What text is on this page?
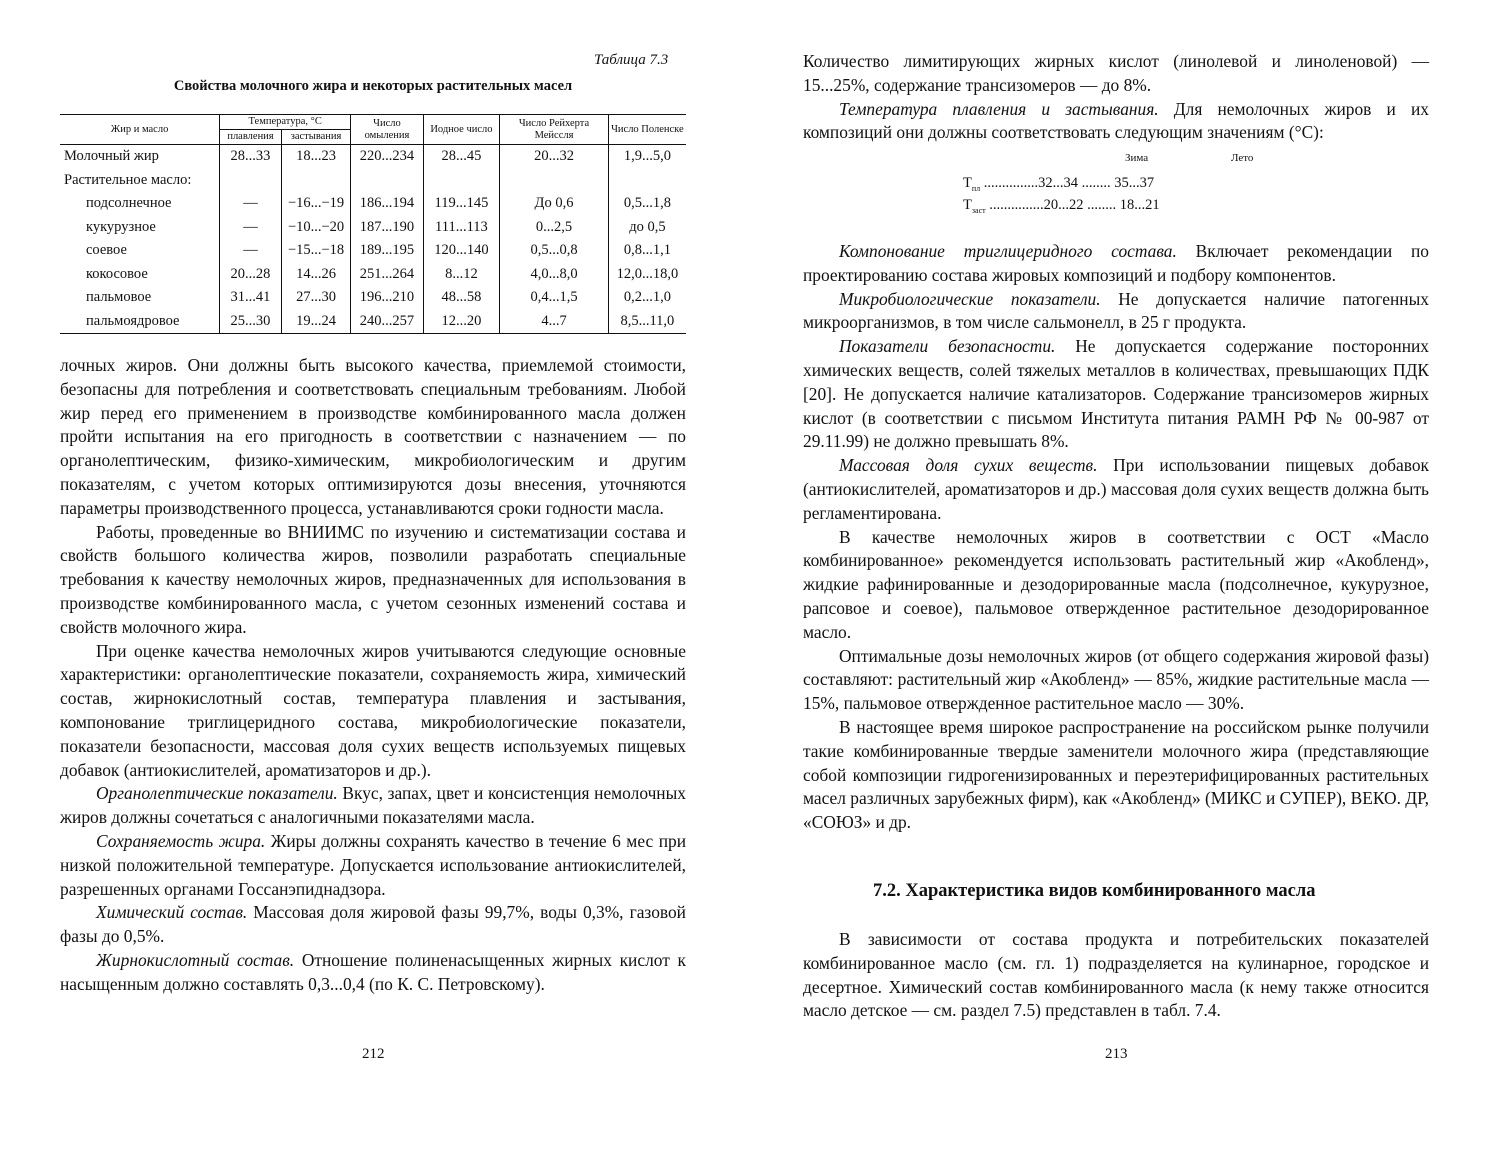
Таблица 7.3
Свойства молочного жира и некоторых растительных масел
Жир и масло	Температура, °С		Число омыления	Иодное число	Число Рейхерта Мейссля	Число Поленске
	плавления	застывания				
Молочный жир	28...33	18...23	220...234	28...45	20...32	1,9...5,0
Растительное масло:						
подсолнечное	—	−16...−19	186...194	119...145	До 0,6	0,5...1,8
кукурузное	—	−10...−20	187...190	111...113	0...2,5	до 0,5
соевое	—	−15...−18	189...195	120...140	0,5...0,8	0,8...1,1
кокосовое	20...28	14...26	251...264	8...12	4,0...8,0	12,0...18,0
пальмовое	31...41	27...30	196...210	48...58	0,4...1,5	0,2...1,0
пальмоядровое	25...30	19...24	240...257	12...20	4...7	8,5...11,0

лочных жиров. Они должны быть высокого качества, приемлемой стоимости, безопасны для потребления и соответствовать специальным требованиям. Любой жир перед его применением в производстве комбинированного масла должен пройти испытания на его пригодность в соответствии с назначением — по органолептическим, физико-химическим, микробиологическим и другим показателям, с учетом которых оптимизируются дозы внесения, уточняются параметры производственного процесса, устанавливаются сроки годности масла.

Работы, проведенные во ВНИИМС по изучению и систематизации состава и свойств большого количества жиров, позволили разработать специальные требования к качеству немолочных жиров, предназначенных для использования в производстве комбинированного масла, с учетом сезонных изменений состава и свойств молочного жира.

При оценке качества немолочных жиров учитываются следующие основные характеристики: органолептические показатели, сохраняемость жира, химический состав, жирнокислотный состав, температура плавления и застывания, компонование триглицеридного состава, микробиологические показатели, показатели безопасности, массовая доля сухих веществ используемых пищевых добавок (антиокислителей, ароматизаторов и др.).

Органолептические показатели. Вкус, запах, цвет и консистенция немолочных жиров должны сочетаться с аналогичными показателями масла.

Сохраняемость жира. Жиры должны сохранять качество в течение 6 мес при низкой положительной температуре. Допускается использование антиокислителей, разрешенных органами Госсанэпиднадзора.

Химический состав. Массовая доля жировой фазы 99,7%, воды 0,3%, газовой фазы до 0,5%.

Жирнокислотный состав. Отношение полиненасыщенных жирных кислот к насыщенным должно составлять 0,3...0,4 (по К. С. Петровскому).

212

Количество лимитирующих жирных кислот (линолевой и линоленовой) — 15...25%, содержание трансизомеров — до 8%.

Температура плавления и застывания. Для немолочных жиров и их композиций они должны соответствовать следующим значениям (°С):

Зима	Лето
$T_{пл}$ ...............32...34 ........ 35...37
$T_{заст}$ ...............20...22 ........ 18...21

Компонование триглицеридного состава. Включает рекомендации по проектированию состава жировых композиций и подбору компонентов.

Микробиологические показатели. Не допускается наличие патогенных микроорганизмов, в том числе сальмонелл, в 25 г продукта.

Показатели безопасности. Не допускается содержание посторонних химических веществ, солей тяжелых металлов в количествах, превышающих ПДК [20]. Не допускается наличие катализаторов. Содержание трансизомеров жирных кислот (в соответствии с письмом Института питания РАМН РФ № 00-987 от 29.11.99) не должно превышать 8%.

Массовая доля сухих веществ. При использовании пищевых добавок (антиокислителей, ароматизаторов и др.) массовая доля сухих веществ должна быть регламентирована.

В качестве немолочных жиров в соответствии с ОСТ «Масло комбинированное» рекомендуется использовать растительный жир «Акобленд», жидкие рафинированные и дезодорированные масла (подсолнечное, кукурузное, рапсовое и соевое), пальмовое отвержденное растительное дезодорированное масло.

Оптимальные дозы немолочных жиров (от общего содержания жировой фазы) составляют: растительный жир «Акобленд» — 85%, жидкие растительные масла — 15%, пальмовое отвержденное растительное масло — 30%.

В настоящее время широкое распространение на российском рынке получили такие комбинированные твердые заменители молочного жира (представляющие собой композиции гидрогенизированных и переэтерифицированных растительных масел различных зарубежных фирм), как «Акобленд» (МИКС и СУПЕР), ВЕКО. ДР, «СОЮЗ» и др.

7.2. Характеристика видов комбинированного масла

В зависимости от состава продукта и потребительских показателей комбинированное масло (см. гл. 1) подразделяется на кулинарное, городское и десертное. Химический состав комбинированного масла (к нему также относится масло детское — см. раздел 7.5) представлен в табл. 7.4.

213
